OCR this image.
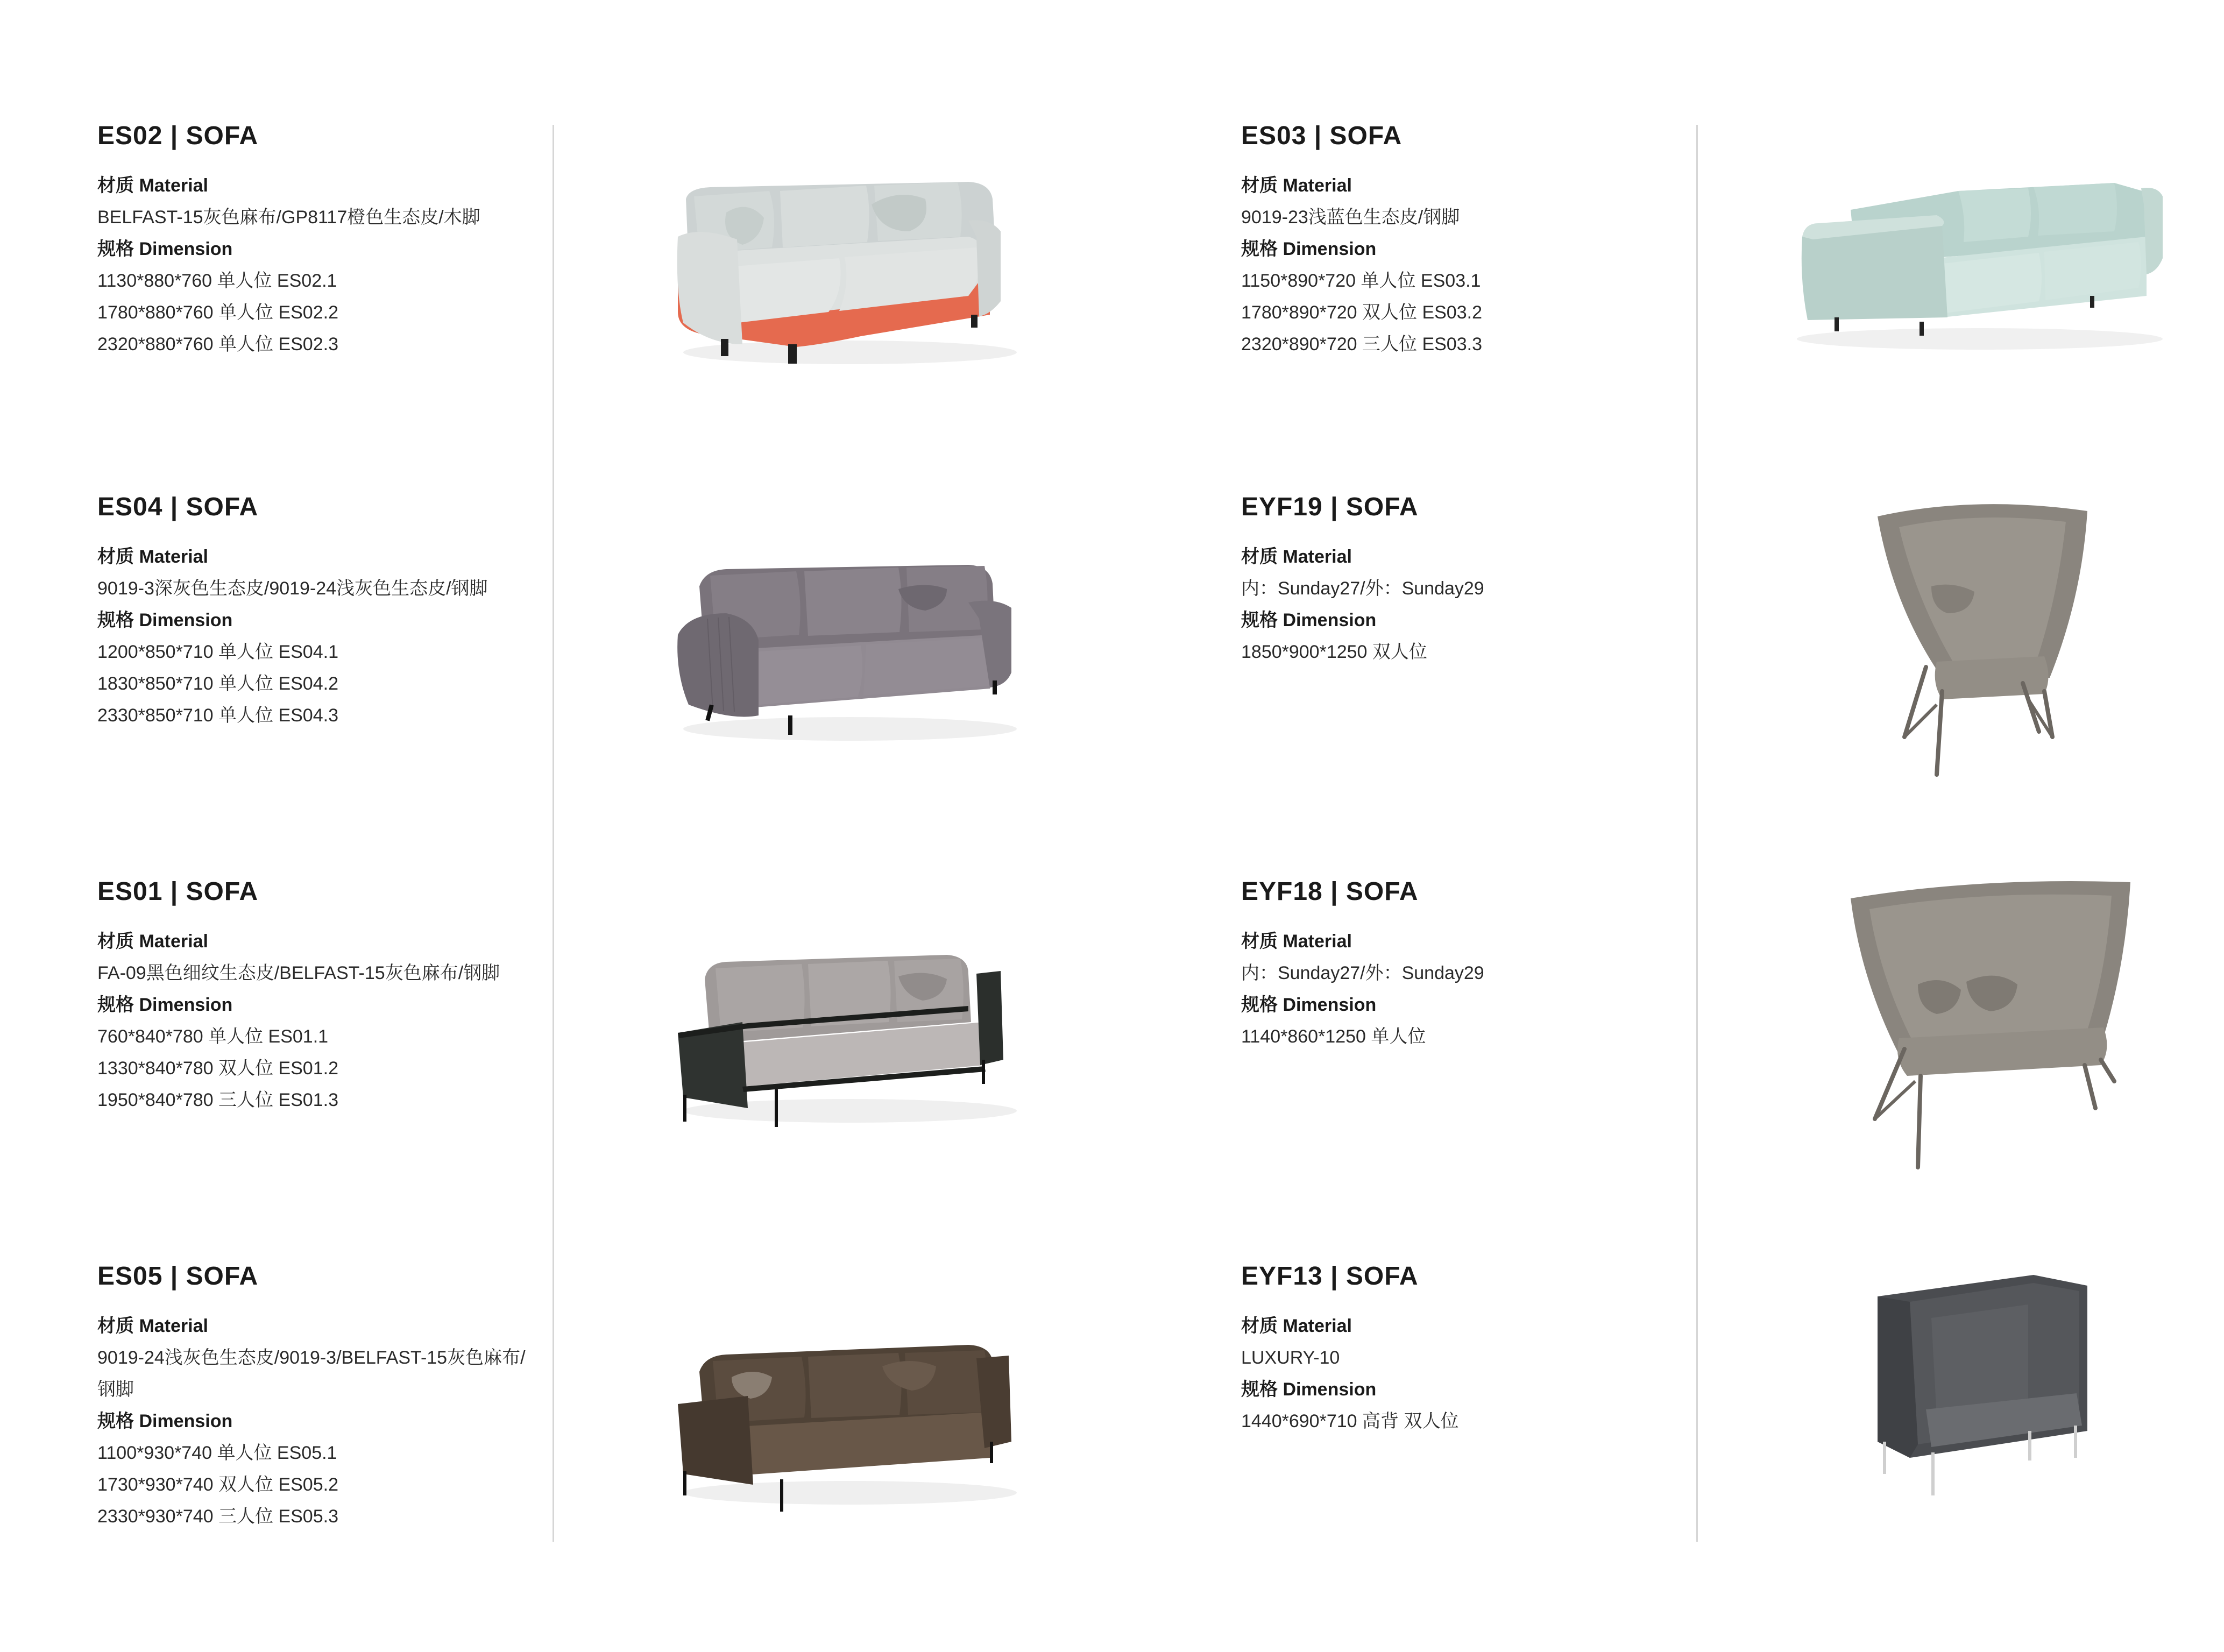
ES02 | SOFA
材质 Material
BELFAST-15灰色麻布/GP8117橙色生态皮/木脚
规格 Dimension
1130*880*760 单人位 ES02.1
1780*880*760 单人位 ES02.2
2320*880*760 单人位 ES02.3
ES03 | SOFA
材质 Material
9019-23浅蓝色生态皮/钢脚
规格 Dimension
1150*890*720 单人位 ES03.1
1780*890*720 双人位 ES03.2
2320*890*720 三人位 ES03.3
ES04 | SOFA
材质 Material
9019-3深灰色生态皮/9019-24浅灰色生态皮/钢脚
规格 Dimension
1200*850*710 单人位 ES04.1
1830*850*710 单人位 ES04.2
2330*850*710 单人位 ES04.3
EYF19 | SOFA
材质 Material
内：Sunday27/外：Sunday29
规格 Dimension
1850*900*1250 双人位
ES01 | SOFA
材质 Material
FA-09黑色细纹生态皮/BELFAST-15灰色麻布/钢脚
规格 Dimension
760*840*780 单人位 ES01.1
1330*840*780 双人位 ES01.2
1950*840*780 三人位 ES01.3
EYF18 | SOFA
材质 Material
内：Sunday27/外：Sunday29
规格 Dimension
1140*860*1250 单人位
ES05 | SOFA
材质 Material
9019-24浅灰色生态皮/9019-3/BELFAST-15灰色麻布/钢脚
规格 Dimension
1100*930*740 单人位 ES05.1
1730*930*740 双人位 ES05.2
2330*930*740 三人位 ES05.3
EYF13 | SOFA
材质 Material
LUXURY-10
规格 Dimension
1440*690*710 高背 双人位
